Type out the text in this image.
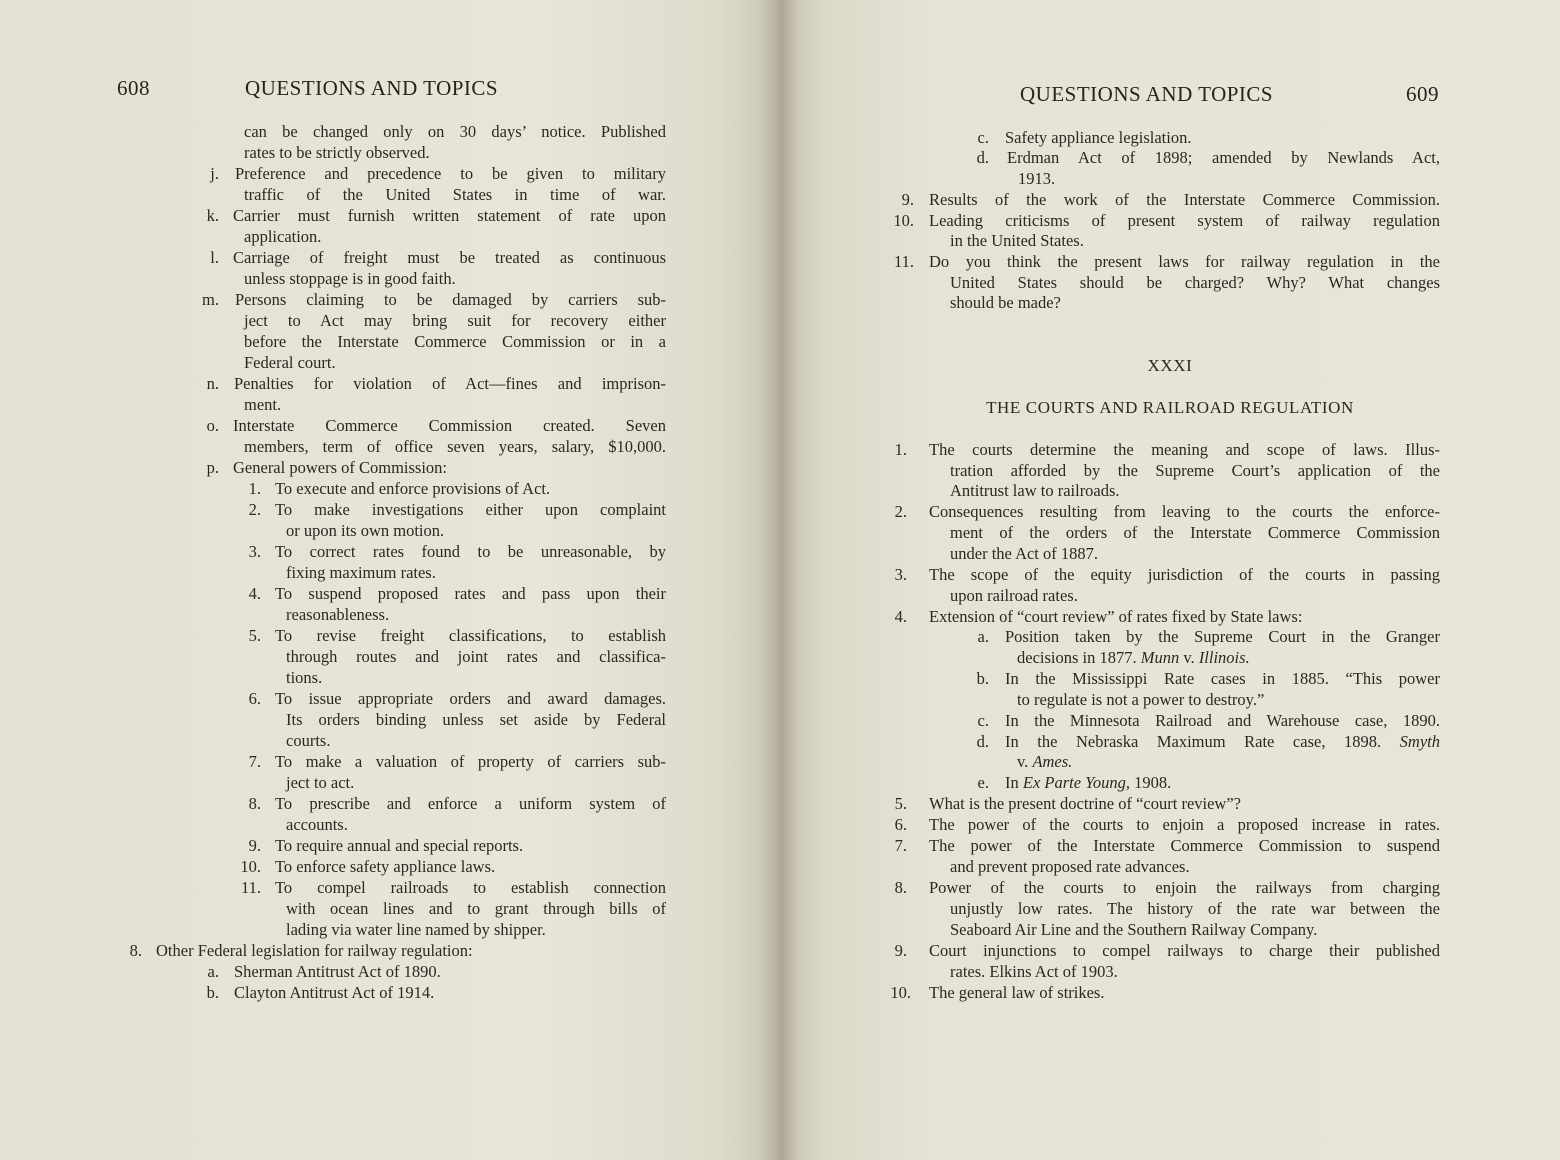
608	QUESTIONS AND TOPICS
can be changed only on 30 days’ notice. Published
rates to be strictly observed.
j. Preference and precedence to be given to military
traffic of the United States in time of war.
k. Carrier must furnish written statement of rate upon
application.
l. Carriage of freight must be treated as continuous
unless stoppage is in good faith.
m. Persons claiming to be damaged by carriers sub-
ject to Act may bring suit for recovery either
before the Interstate Commerce Commission or in a
Federal court.
n. Penalties for violation of Act—fines and imprison-
ment.
o. Interstate Commerce Commission created. Seven
members, term of office seven years, salary, $10,000.
p. General powers of Commission:
1. To execute and enforce provisions of Act.
2. To make investigations either upon complaint
or upon its own motion.
3. To correct rates found to be unreasonable, by
fixing maximum rates.
4. To suspend proposed rates and pass upon their
reasonableness.
5. To revise freight classifications, to establish
through routes and joint rates and classifica-
tions.
6. To issue appropriate orders and award damages.
Its orders binding unless set aside by Federal
courts.
7. To make a valuation of property of carriers sub-
ject to act.
8. To prescribe and enforce a uniform system of
accounts.
9. To require annual and special reports.
10. To enforce safety appliance laws.
11. To compel railroads to establish connection
with ocean lines and to grant through bills of
lading via water line named by shipper.
8. Other Federal legislation for railway regulation:
a. Sherman Antitrust Act of 1890.
b. Clayton Antitrust Act of 1914.
QUESTIONS AND TOPICS	609
c. Safety appliance legislation.
d. Erdman Act of 1898; amended by Newlands Act,
1913.
9. Results of the work of the Interstate Commerce Commission.
10. Leading criticisms of present system of railway regulation
in the United States.
11. Do you think the present laws for railway regulation in the
United States should be charged? Why? What changes
should be made?
XXXI
THE COURTS AND RAILROAD REGULATION
1. The courts determine the meaning and scope of laws. Illus-
tration afforded by the Supreme Court’s application of the
Antitrust law to railroads.
2. Consequences resulting from leaving to the courts the enforce-
ment of the orders of the Interstate Commerce Commission
under the Act of 1887.
3. The scope of the equity jurisdiction of the courts in passing
upon railroad rates.
4. Extension of “court review” of rates fixed by State laws:
a. Position taken by the Supreme Court in the Granger
decisions in 1877. Munn v. Illinois.
b. In the Mississippi Rate cases in 1885. “This power
to regulate is not a power to destroy.”
c. In the Minnesota Railroad and Warehouse case, 1890.
d. In the Nebraska Maximum Rate case, 1898. Smyth
v. Ames.
e. In Ex Parte Young, 1908.
5. What is the present doctrine of “court review”?
6. The power of the courts to enjoin a proposed increase in rates.
7. The power of the Interstate Commerce Commission to suspend
and prevent proposed rate advances.
8. Power of the courts to enjoin the railways from charging
unjustly low rates. The history of the rate war between the
Seaboard Air Line and the Southern Railway Company.
9. Court injunctions to compel railways to charge their published
rates. Elkins Act of 1903.
10. The general law of strikes.
